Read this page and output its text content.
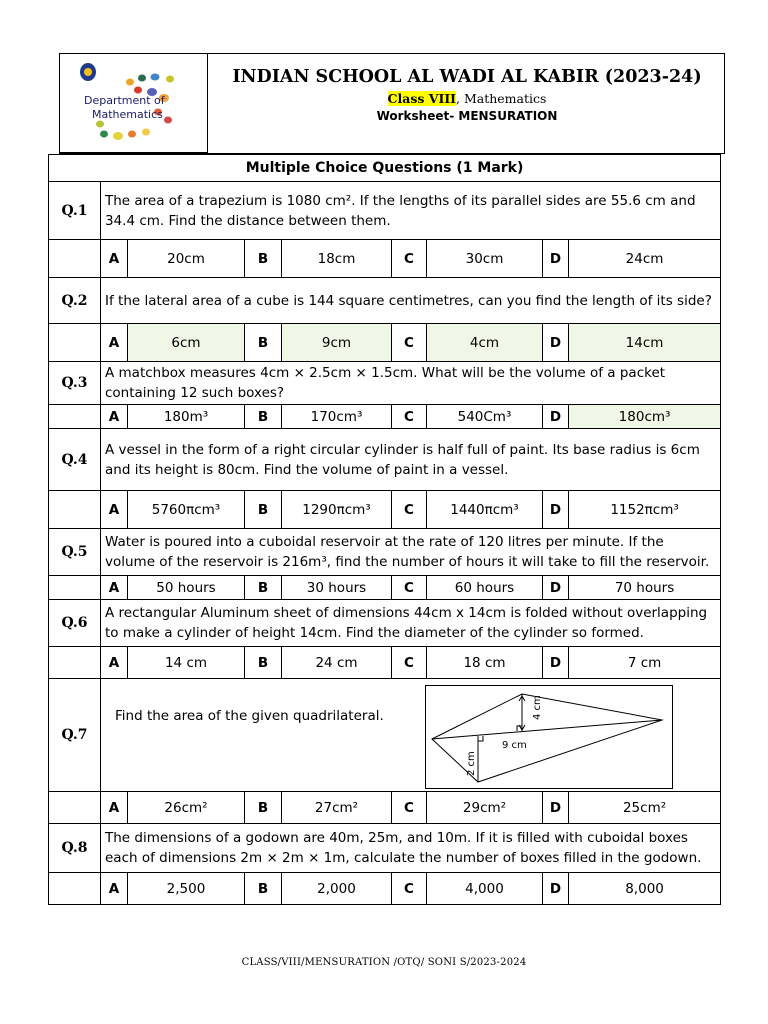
Department of
Mathematics
INDIAN SCHOOL AL WADI AL KABIR (2023-24)
Class VIII, Mathematics
Worksheet- MENSURATION
Multiple Choice Questions (1 Mark)								
Q.1	The area of a trapezium is 1080 cm². If the lengths of its parallel sides are 55.6 cm and 34.4 cm. Find the distance between them.							
	A	20cm	B	18cm	C	30cm	D	24cm
Q.2	If the lateral area of a cube is 144 square centimetres, can you find the length of its side?							
	A	6cm	B	9cm	C	4cm	D	14cm
Q.3	A matchbox measures 4cm × 2.5cm × 1.5cm. What will be the volume of a packet containing 12 such boxes?							
	A	180m³	B	170cm³	C	540Cm³	D	180cm³
Q.4	A vessel in the form of a right circular cylinder is half full of paint. Its base radius is 6cm and its height is 80cm. Find the volume of paint in a vessel.							
	A	5760πcm³	B	1290πcm³	C	1440πcm³	D	1152πcm³
Q.5	Water is poured into a cuboidal reservoir at the rate of 120 litres per minute. If the volume of the reservoir is 216m³, find the number of hours it will take to fill the reservoir.							
	A	50 hours	B	30 hours	C	60 hours	D	70 hours
Q.6	A rectangular Aluminum sheet of dimensions 44cm x 14cm is folded without overlapping to make a cylinder of height 14cm. Find the diameter of the cylinder so formed.							
	A	14 cm	B	24 cm	C	18 cm	D	7 cm
Q.7	Find the area of the given quadrilateral. 4 cm
9 cm
2 cm							

	A	26cm²	B	27cm²	C	29cm²	D	25cm²
Q.8	The dimensions of a godown are 40m, 25m, and 10m. If it is filled with cuboidal boxes each of dimensions 2m × 2m × 1m, calculate the number of boxes filled in the godown.							
	A	2,500	B	2,000	C	4,000	D	8,000
CLASS/VIII/MENSURATION /OTQ/ SONI S/2023-2024
